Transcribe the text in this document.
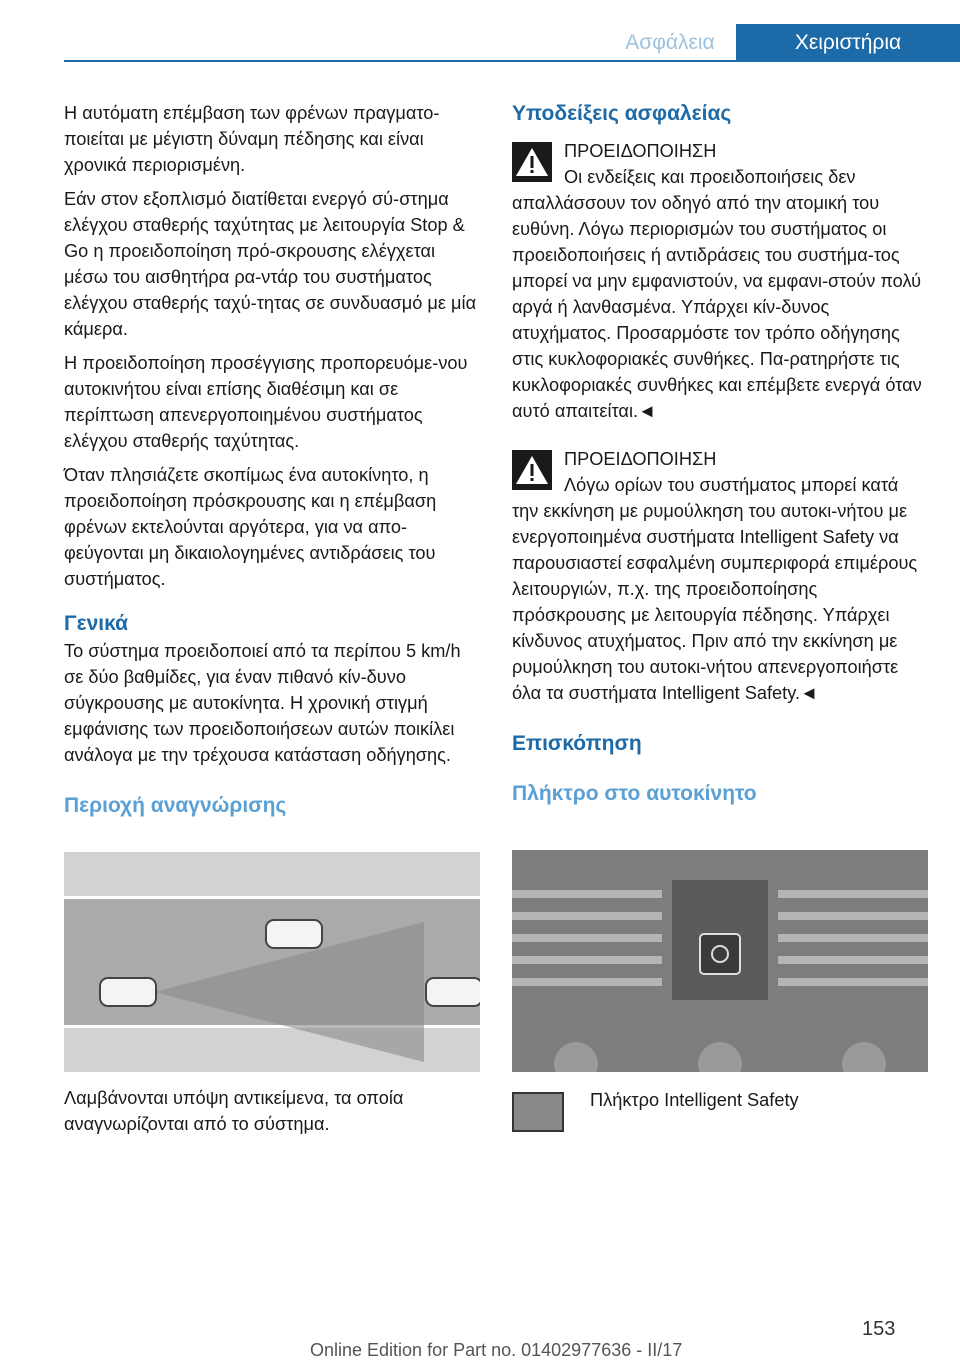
Ασφάλεια	Χειριστήρια

Η αυτόματη επέμβαση των φρένων πραγματο-ποιείται με μέγιστη δύναμη πέδησης και είναι χρονικά περιορισμένη.

Εάν στον εξοπλισμό διατίθεται ενεργό σύ-στημα ελέγχου σταθερής ταχύτητας με λειτουργία Stop & Go η προειδοποίηση πρό-σκρουσης ελέγχεται μέσω του αισθητήρα ρα-ντάρ του συστήματος ελέγχου σταθερής ταχύ-τητας σε συνδυασμό με μία κάμερα.

Η προειδοποίηση προσέγγισης προπορευόμε-νου αυτοκινήτου είναι επίσης διαθέσιμη και σε περίπτωση απενεργοποιημένου συστήματος ελέγχου σταθερής ταχύτητας.

Όταν πλησιάζετε σκοπίμως ένα αυτοκίνητο, η προειδοποίηση πρόσκρουσης και η επέμβαση φρένων εκτελούνται αργότερα, για να απο-φεύγονται μη δικαιολογημένες αντιδράσεις του συστήματος.

Γενικά

Το σύστημα προειδοποιεί από τα περίπου 5 km/h σε δύο βαθμίδες, για έναν πιθανό κίν-δυνο σύγκρουσης με αυτοκίνητα. Η χρονική στιγμή εμφάνισης των προειδοποιήσεων αυτών ποικίλει ανάλογα με την τρέχουσα κατάσταση οδήγησης.

Περιοχή αναγνώρισης

Λαμβάνονται υπόψη αντικείμενα, τα οποία αναγνωρίζονται από το σύστημα.

Υποδείξεις ασφαλείας
ΠΡΟΕΙΔΟΠΟΙΗΣΗ

Οι ενδείξεις και προειδοποιήσεις δεν απαλλάσσουν τον οδηγό από την ατομική του ευθύνη. Λόγω περιορισμών του συστήματος οι προειδοποιήσεις ή αντιδράσεις του συστήμα-τος μπορεί να μην εμφανιστούν, να εμφανι-στούν πολύ αργά ή λανθασμένα. Υπάρχει κίν-δυνος ατυχήματος. Προσαρμόστε τον τρόπο οδήγησης στις κυκλοφοριακές συνθήκες. Πα-ρατηρήστε τις κυκλοφοριακές συνθήκες και επέμβετε ενεργά όταν αυτό απαιτείται.◄

ΠΡΟΕΙΔΟΠΟΙΗΣΗ

Λόγω ορίων του συστήματος μπορεί κατά την εκκίνηση με ρυμούλκηση του αυτοκι-νήτου με ενεργοποιημένα συστήματα Intelligent Safety να παρουσιαστεί εσφαλμένη συμπεριφορά επιμέρους λειτουργιών, π.χ. της προειδοποίησης πρόσκρουσης με λειτουργία πέδησης. Υπάρχει κίνδυνος ατυχήματος. Πριν από την εκκίνηση με ρυμούλκηση του αυτοκι-νήτου απενεργοποιήστε όλα τα συστήματα Intelligent Safety.◄

Επισκόπηση
Πλήκτρο στο αυτοκίνητο

Πλήκτρο Intelligent Safety

153
Online Edition for Part no. 01402977636 - II/17
